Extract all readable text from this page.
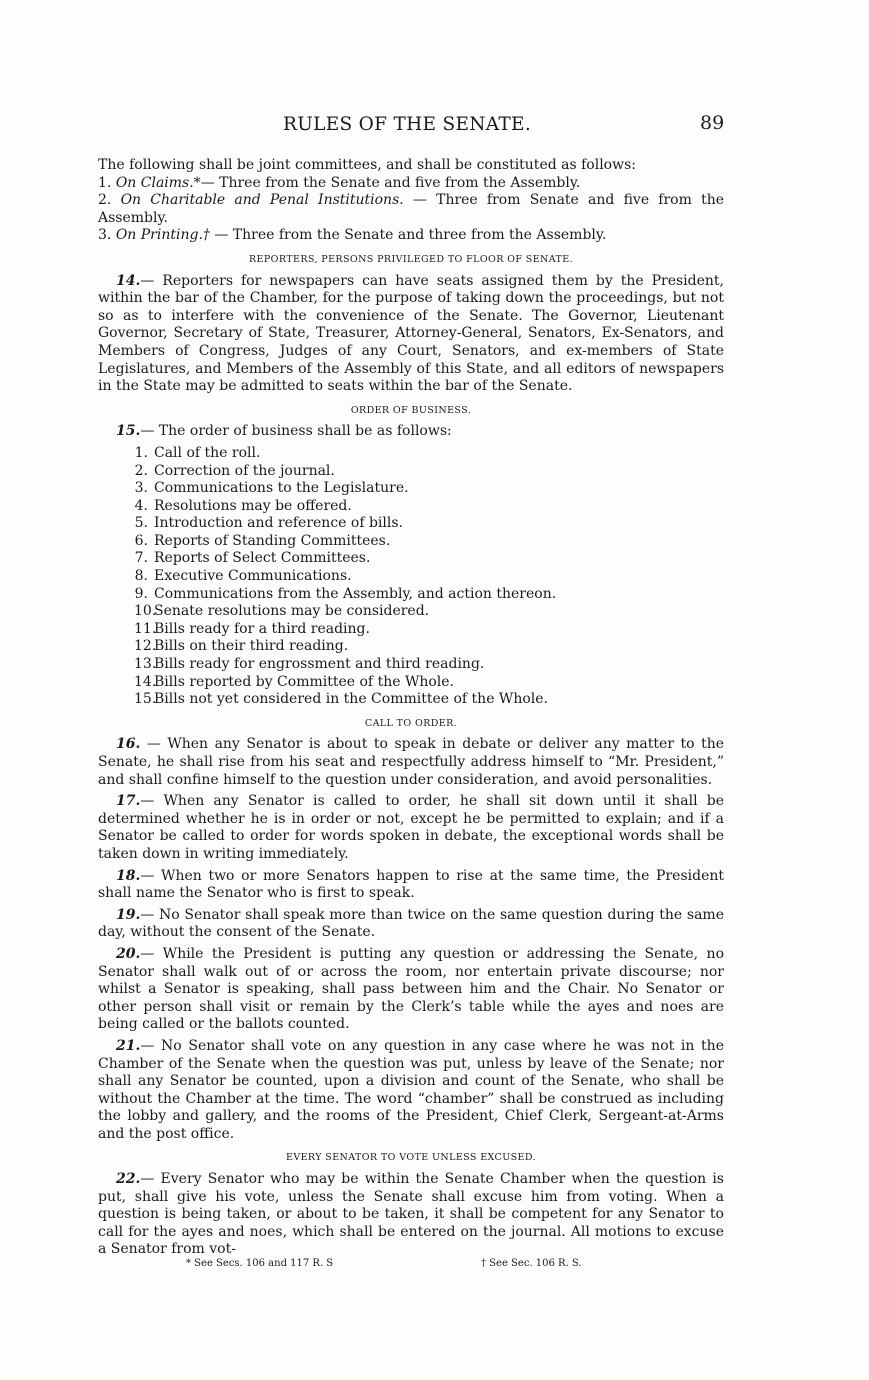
RULES OF THE SENATE.	89

The following shall be joint committees, and shall be constituted as follows:

1. On Claims.*— Three from the Senate and five from the Assembly.

2. On Charitable and Penal Institutions. — Three from Senate and five from the Assembly.

3. On Printing.† — Three from the Senate and three from the Assembly.

REPORTERS, PERSONS PRIVILEGED TO FLOOR OF SENATE.

14.— Reporters for newspapers can have seats assigned them by the President, within the bar of the Chamber, for the purpose of taking down the proceedings, but not so as to interfere with the convenience of the Senate. The Governor, Lieutenant Governor, Secretary of State, Treasurer, Attorney-General, Senators, Ex-Senators, and Members of Congress, Judges of any Court, Senators, and ex-members of State Legislatures, and Members of the Assembly of this State, and all editors of newspapers in the State may be admitted to seats within the bar of the Senate.

ORDER OF BUSINESS.

15.— The order of business shall be as follows:

1. Call of the roll.
2. Correction of the journal.
3. Communications to the Legislature.
4. Resolutions may be offered.
5. Introduction and reference of bills.
6. Reports of Standing Committees.
7. Reports of Select Committees.
8. Executive Communications.
9. Communications from the Assembly, and action thereon.
10.
Senate resolutions may be considered.
11.
Bills ready for a third reading.
12.
Bills on their third reading.
13.
Bills ready for engrossment and third reading.
14.
Bills reported by Committee of the Whole.
15.
Bills not yet considered in the Committee of the Whole.
CALL TO ORDER.

16. — When any Senator is about to speak in debate or deliver any matter to the Senate, he shall rise from his seat and respectfully address himself to “Mr. President,” and shall confine himself to the question under consideration, and avoid personalities.

17.— When any Senator is called to order, he shall sit down until it shall be determined whether he is in order or not, except he be permitted to explain; and if a Senator be called to order for words spoken in debate, the exceptional words shall be taken down in writing immediately.

18.— When two or more Senators happen to rise at the same time, the President shall name the Senator who is first to speak.

19.— No Senator shall speak more than twice on the same question during the same day, without the consent of the Senate.

20.— While the President is putting any question or addressing the Senate, no Senator shall walk out of or across the room, nor entertain private discourse; nor whilst a Senator is speaking, shall pass between him and the Chair. No Senator or other person shall visit or remain by the Clerk’s table while the ayes and noes are being called or the ballots counted.

21.— No Senator shall vote on any question in any case where he was not in the Chamber of the Senate when the question was put, unless by leave of the Senate; nor shall any Senator be counted, upon a division and count of the Senate, who shall be without the Chamber at the time. The word “chamber” shall be construed as including the lobby and gallery, and the rooms of the President, Chief Clerk, Sergeant-at-Arms and the post office.

EVERY SENATOR TO VOTE UNLESS EXCUSED.

22.— Every Senator who may be within the Senate Chamber when the question is put, shall give his vote, unless the Senate shall excuse him from voting. When a question is being taken, or about to be taken, it shall be competent for any Senator to call for the ayes and noes, which shall be entered on the journal. All motions to excuse a Senator from vot-

* See Secs. 106 and 117 R. S	† See Sec. 106 R. S.
